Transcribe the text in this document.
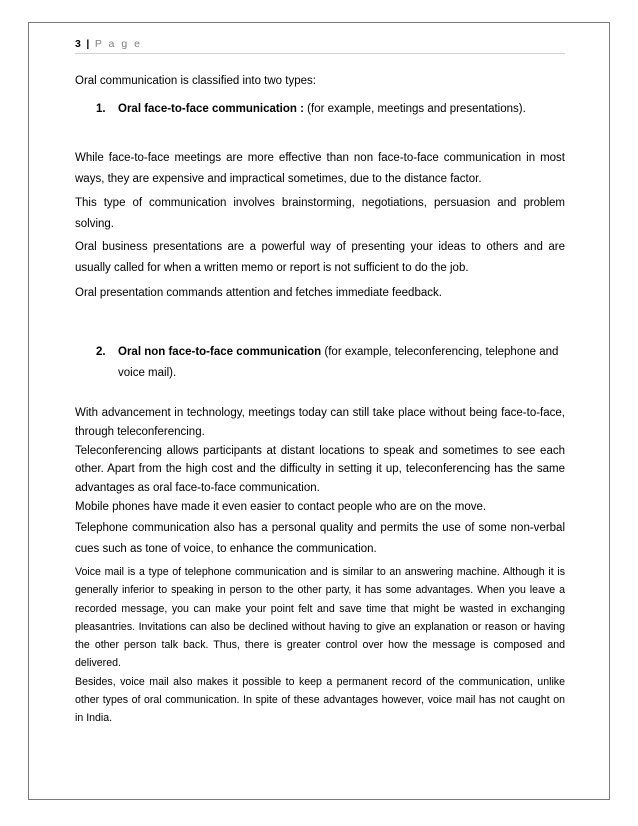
3 | P a g e

Oral communication is classified into two types:

1. Oral face-to-face communication : (for example, meetings and presentations).

While face-to-face meetings are more effective than non face-to-face communication in most ways, they are expensive and impractical sometimes, due to the distance factor.

This type of communication involves brainstorming, negotiations, persuasion and problem solving.

Oral business presentations are a powerful way of presenting your ideas to others and are usually called for when a written memo or report is not sufficient to do the job.

Oral presentation commands attention and fetches immediate feedback.

2. Oral non face-to-face communication (for example, teleconferencing, telephone and
voice mail).

With advancement in technology, meetings today can still take place without being face-to-face, through teleconferencing.
Teleconferencing allows participants at distant locations to speak and sometimes to see each other. Apart from the high cost and the difficulty in setting it up, teleconferencing has the same advantages as oral face-to-face communication.
Mobile phones have made it even easier to contact people who are on the move.

Telephone communication also has a personal quality and permits the use of some non-verbal cues such as tone of voice, to enhance the communication.

Voice mail is a type of telephone communication and is similar to an answering machine. Although it is generally inferior to speaking in person to the other party, it has some advantages. When you leave a recorded message, you can make your point felt and save time that might be wasted in exchanging pleasantries. Invitations can also be declined without having to give an explanation or reason or having the other person talk back. Thus, there is greater control over how the message is composed and delivered.
Besides, voice mail also makes it possible to keep a permanent record of the communication, unlike other types of oral communication. In spite of these advantages however, voice mail has not caught on in India.
